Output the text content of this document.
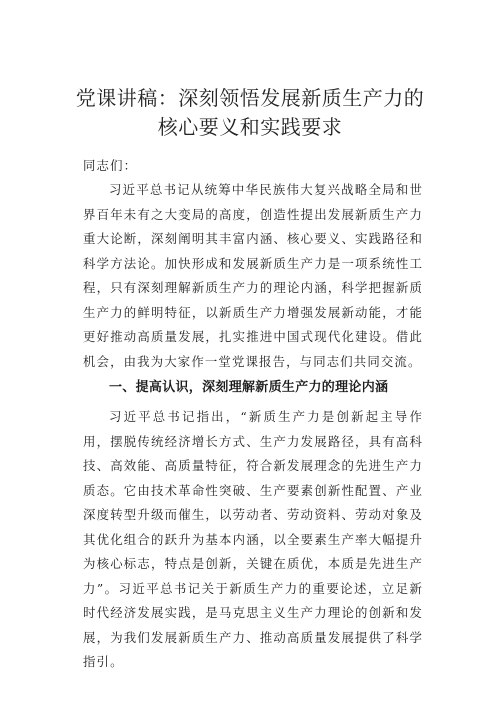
党课讲稿：深刻领悟发展新质生产力的
核心要义和实践要求
同志们：
习近平总书记从统筹中华民族伟大复兴战略全局和世界百年未有之大变局的高度，创造性提出发展新质生产力重大论断，深刻阐明其丰富内涵、核心要义、实践路径和科学方法论。加快形成和发展新质生产力是一项系统性工程，只有深刻理解新质生产力的理论内涵，科学把握新质生产力的鲜明特征，以新质生产力增强发展新动能，才能更好推动高质量发展，扎实推进中国式现代化建设。借此机会，由我为大家作一堂党课报告，与同志们共同交流。
一、提高认识，深刻理解新质生产力的理论内涵
习近平总书记指出，“新质生产力是创新起主导作用，摆脱传统经济增长方式、生产力发展路径，具有高科技、高效能、高质量特征，符合新发展理念的先进生产力质态。它由技术革命性突破、生产要素创新性配置、产业深度转型升级而催生，以劳动者、劳动资料、劳动对象及其优化组合的跃升为基本内涵，以全要素生产率大幅提升为核心标志，特点是创新，关键在质优，本质是先进生产力”。习近平总书记关于新质生产力的重要论述，立足新时代经济发展实践，是马克思主义生产力理论的创新和发展，为我们发展新质生产力、推动高质量发展提供了科学指引。
